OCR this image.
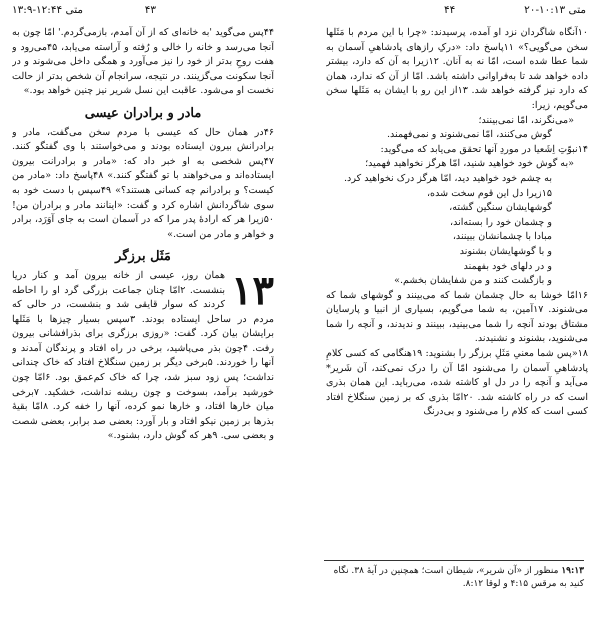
متی ۱۰:۱۳-۲۰
۴۴
۴۳
متی ۱۲:۴۴-۱۳:۹

۱۰آنگاه شاگردان نزد او آمده، پرسیدند: «چرا با این مردم با مَثَلها سخن می‌گویی؟» ۱۱پاسخ داد: «درکِ رازهای پادشاهیِ آسمان به شما عطا شده است، امّا نه به آنان. ۱۲زیرا به آن که دارد، بیشتر داده خواهد شد تا به‌فراوانی داشته باشد. امّا از آن که ندارد، همان که دارد نیز گرفته خواهد شد. ۱۳از این رو با ایشان به مَثَلها سخن می‌گویم، زیرا:

«می‌نگرند، امّا نمی‌بینند؛
گوش می‌کنند، امّا نمی‌شنوند و نمی‌فهمند.

۱۴نبوّتِ اِشَعیا در موردِ آنها تحقق می‌یابد که می‌گوید:

«به گوش خود خواهید شنید، امّا هرگز نخواهید فهمید؛
به چشم خود خواهید دید، امّا هرگز درک نخواهید کرد.
۱۵زیرا دل این قوم سخت شده،
گوشهایشان سنگین گشته،
و چشمان خود را بسته‌اند،
مبادا با چشمانشان ببینند،
و با گوشهایشان بشنوند
و در دلهای خود بفهمند
و بازگشت کنند و من شفایشان بخشم.»

۱۶امّا خوشا به حال چشمان شما که می‌بینند و گوشهای شما که می‌شنوند. ۱۷آمین، به شما می‌گویم، بسیاری از انبیا و پارسایان مشتاق بودند آنچه را شما می‌بینید، ببینند و ندیدند، و آنچه را شما می‌شنوید، بشنوند و نشنیدند.

۱۸«پس شما معنیِ مَثَلِ برزگر را بشنوید: ۱۹هنگامی که کسی کلامِ پادشاهیِ آسمان را می‌شنود امّا آن را درک نمی‌کند، آن شَریر* می‌آید و آنچه را در دل او کاشته شده، می‌رباید. این همان بذری است که در راه کاشته شد. ۲۰امّا بذری که بر زمین سنگلاخ افتاد کسی است که کلام را می‌شنود و بی‌درنگ

۱۹:۱۳ منظور از «آن شریر»، شیطان است؛ همچنین در آیهٔ ۳۸. نگاه کنید به مرقس ۴:۱۵ و لوقا ۸:۱۲.

۴۴پس می‌گوید 'به خانه‌ای که از آن آمدم، بازمی‌گردم.' امّا چون به آنجا می‌رسد و خانه را خالی و رُفته و آراسته می‌یابد، ۴۵می‌رود و هفت روحِ بدتر از خود را نیز می‌آورد و همگی داخل می‌شوند و در آنجا سکونت می‌گزینند. در نتیجه، سرانجام آن شخص بدتر از حالت نخست او می‌شود. عاقبت این نسل شریر نیز چنین خواهد بود.»

مادر و برادران عیسی

۴۶در همان حال که عیسی با مردم سخن می‌گفت، مادر و برادرانش بیرون ایستاده بودند و می‌خواستند با وی گفتگو کنند. ۴۷پس شخصی به او خبر داد که: «مادر و برادرانت بیرون ایستاده‌اند و می‌خواهند با تو گفتگو کنند.» ۴۸پاسخ داد: «مادر من کیست؟ و برادرانم چه کسانی هستند؟» ۴۹سپس با دست خود به سوی شاگردانش اشاره کرد و گفت: «اینانند مادر و برادران من! ۵۰زیرا هر که ارادهٔ پدر مرا که در آسمان است به جای آوَرَد، برادر و خواهر و مادر من است.»

مَثَل برزگر
۱۳

همان روز، عیسی از خانه بیرون آمد و کنار دریا بنشست. ۲امّا چنان جماعت بزرگی گرد او را احاطه کردند که سوار قایقی شد و بنشست، در حالی که مردم در ساحل ایستاده بودند. ۳سپس بسیار چیزها با مَثَلها برایشان بیان کرد. گفت: «روزی برزگری برای بذرافشانی بیرون رفت. ۴چون بذر می‌پاشید، برخی در راه افتاد و پرندگان آمدند و آنها را خوردند. ۵برخی دیگر بر زمین سنگلاخ افتاد که خاک چندانی نداشت؛ پس زود سبز شد، چرا که خاک کم‌عمق بود. ۶امّا چون خورشید برآمد، بسوخت و چون ریشه نداشت، خشکید. ۷برخی میان خارها افتاد، و خارها نمو کرده، آنها را خفه کرد. ۸امّا بقیهٔ بذرها بر زمین نیکو افتاد و بار آورد: بعضی صد برابر، بعضی شصت و بعضی سی. ۹هر که گوش دارد، بشنود.»
